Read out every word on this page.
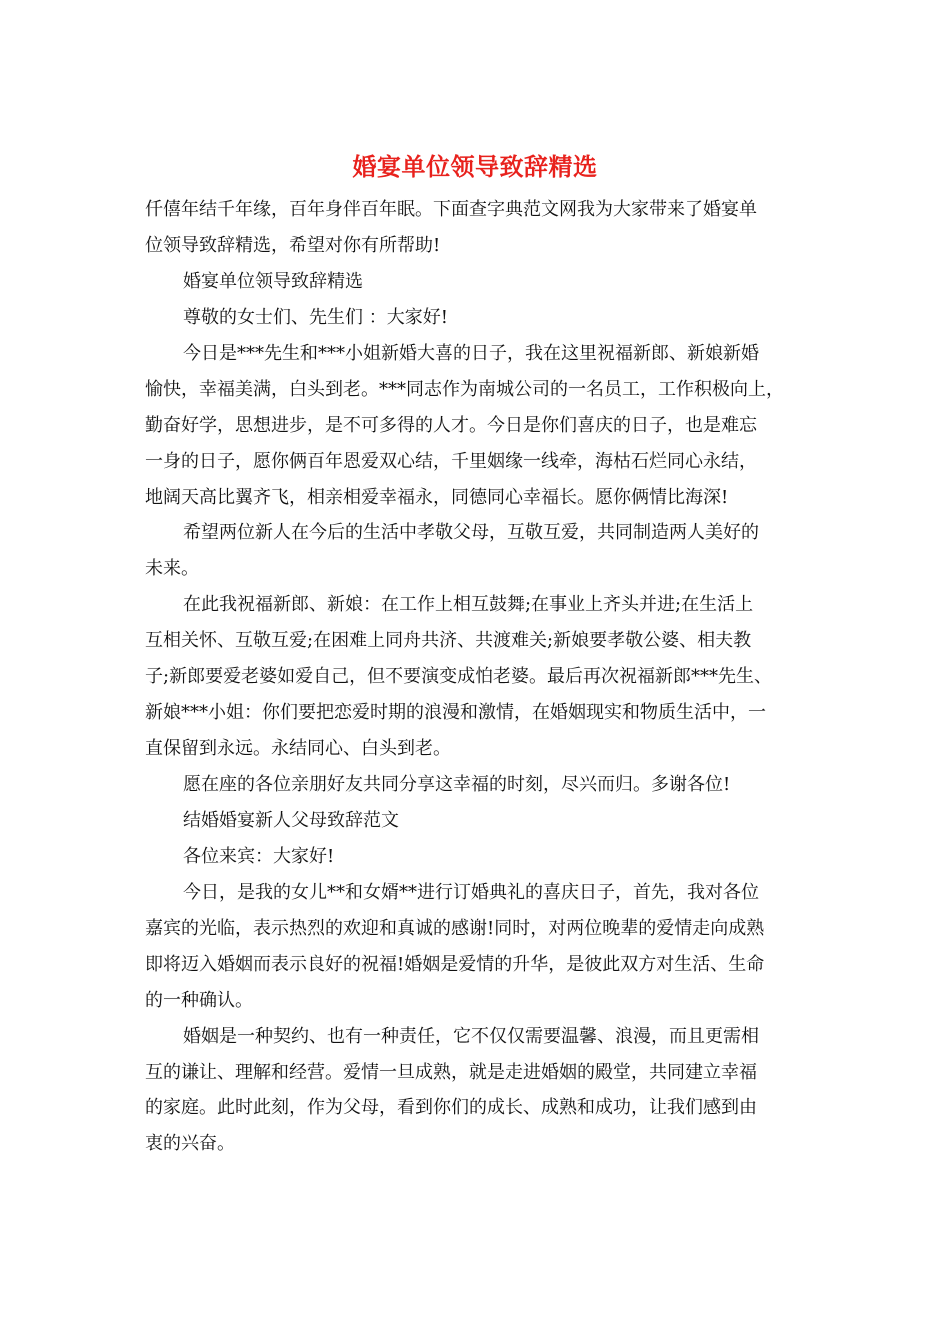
婚宴单位领导致辞精选
仟僖年结千年缘，百年身伴百年眠。下面查字典范文网我为大家带来了婚宴单
位领导致辞精选，希望对你有所帮助!
婚宴单位领导致辞精选
尊敬的女士们、先生们 ：大家好!
今日是***先生和***小姐新婚大喜的日子，我在这里祝福新郎、新娘新婚
愉快，幸福美满，白头到老。***同志作为南城公司的一名员工，工作积极向上，
勤奋好学，思想进步，是不可多得的人才。今日是你们喜庆的日子，也是难忘
一身的日子，愿你俩百年恩爱双心结，千里姻缘一线牵，海枯石烂同心永结，
地阔天高比翼齐飞，相亲相爱幸福永，同德同心幸福长。愿你俩情比海深!
希望两位新人在今后的生活中孝敬父母，互敬互爱，共同制造两人美好的
未来。
在此我祝福新郎、新娘：在工作上相互鼓舞;在事业上齐头并进;在生活上
互相关怀、互敬互爱;在困难上同舟共济、共渡难关;新娘要孝敬公婆、相夫教
子;新郎要爱老婆如爱自己，但不要演变成怕老婆。最后再次祝福新郎***先生、
新娘***小姐：你们要把恋爱时期的浪漫和激情，在婚姻现实和物质生活中，一
直保留到永远。永结同心、白头到老。
愿在座的各位亲朋好友共同分享这幸福的时刻，尽兴而归。多谢各位!
结婚婚宴新人父母致辞范文
各位来宾：大家好!
今日，是我的女儿**和女婿**进行订婚典礼的喜庆日子，首先，我对各位
嘉宾的光临，表示热烈的欢迎和真诚的感谢!同时，对两位晚辈的爱情走向成熟
即将迈入婚姻而表示良好的祝福!婚姻是爱情的升华，是彼此双方对生活、生命
的一种确认。
婚姻是一种契约、也有一种责任，它不仅仅需要温馨、浪漫，而且更需相
互的谦让、理解和经营。爱情一旦成熟，就是走进婚姻的殿堂，共同建立幸福
的家庭。此时此刻，作为父母，看到你们的成长、成熟和成功，让我们感到由
衷的兴奋。
